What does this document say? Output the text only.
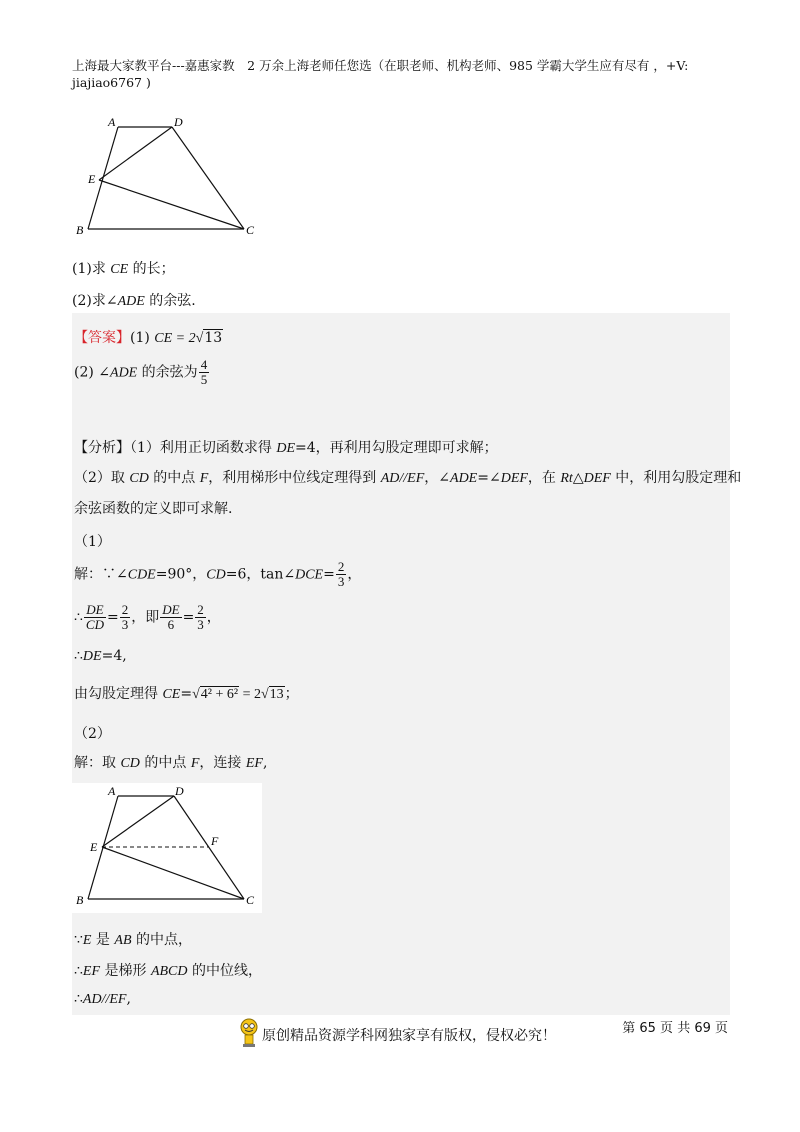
上海最大家教平台---嘉惠家教　2 万余上海老师任您选（在职老师、机构老师、985 学霸大学生应有尽有 ，+V:
jiajiao6767 )
A	D
E
B	C
(1)求 CE 的长；
(2)求∠ADE 的余弦.
【答案】(1) CE = 2√13
(2) ∠ADE 的余弦为 $\frac{4}{5}$
【分析】（1）利用正切函数求得 DE=4，再利用勾股定理即可求解；
（2）取 CD 的中点 F，利用梯形中位线定理得到 AD//EF，∠ADE=∠DEF，在 Rt△DEF 中，利用勾股定理和
余弦函数的定义即可求解.
（1）
解：∵∠CDE=90°，CD=6，tan∠DCE= $\frac{2}{3}$ ，
∴ $\frac{DE}{CD} = \frac{2}{3}$ ，即 $\frac{DE}{6} = \frac{2}{3}$ ，
∴DE=4,
由勾股定理得 CE=√4² + 6² = 2√13；
（2）
解：取 CD 的中点 F，连接 EF,
A	D
E	F
B	C
∵E 是 AB 的中点，
∴EF 是梯形 ABCD 的中位线，
∴AD//EF,
第 65 页 共 69 页
原创精品资源学科网独家享有版权，侵权必究！
